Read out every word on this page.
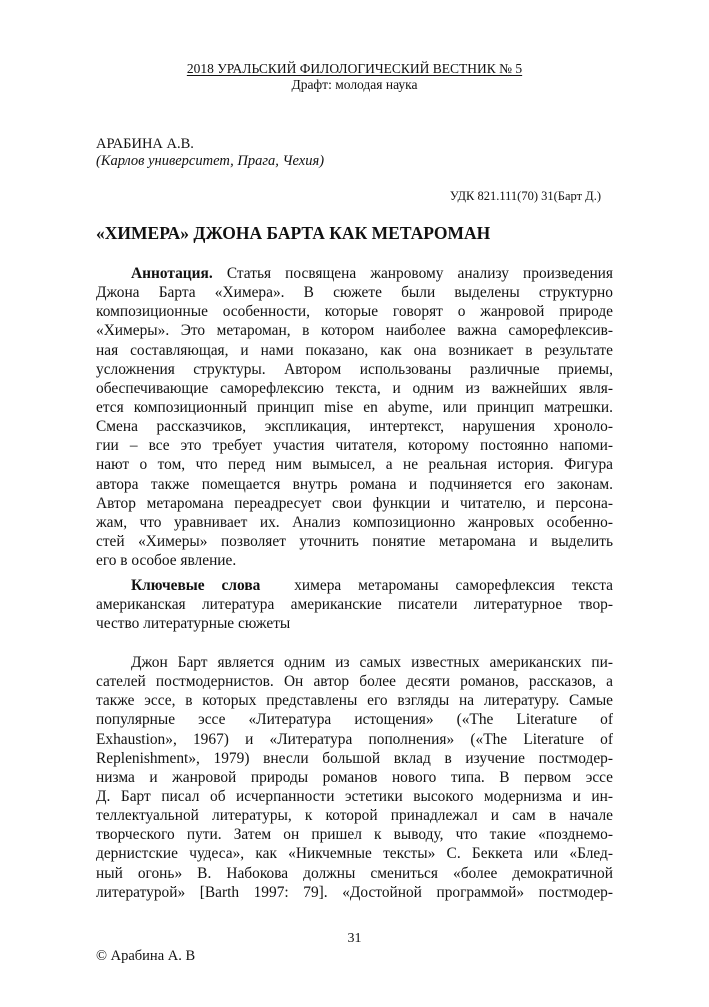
2018 УРАЛЬСКИЙ ФИЛОЛОГИЧЕСКИЙ ВЕСТНИК № 5
Драфт: молодая наука
АРАБИНА А.В.
(Карлов университет, Прага, Чехия)
УДК 821.111(70) 31(Барт Д.)
«ХИМЕРА» ДЖОНА БАРТА КАК МЕТАРОМАН
Аннотация. Статья посвящена жанровому анализу произведения
Джона Барта «Химера». В сюжете были выделены структурно
композиционные особенности, которые говорят о жанровой природе
«Химеры». Это метароман, в котором наиболее важна саморефлексив-
ная составляющая, и нами показано, как она возникает в результате
усложнения структуры. Автором использованы различные приемы,
обеспечивающие саморефлексию текста, и одним из важнейших явля-
ется композиционный принцип mise en abyme, или принцип матрешки.
Смена рассказчиков, экспликация, интертекст, нарушения хроноло-
гии – все это требует участия читателя, которому постоянно напоми-
нают о том, что перед ним вымысел, а не реальная история. Фигура
автора также помещается внутрь романа и подчиняется его законам.
Автор метаромана переадресует свои функции и читателю, и персона-
жам, что уравнивает их. Анализ композиционно жанровых особенно-
стей «Химеры» позволяет уточнить понятие метаромана и выделить
его в особое явление.
Ключевые слова химера метароманы саморефлексия текста
американская литература американские писатели литературное твор-
чество литературные сюжеты
Джон Барт является одним из самых известных американских пи-
сателей постмодернистов. Он автор более десяти романов, рассказов, а
также эссе, в которых представлены его взгляды на литературу. Самые
популярные эссе «Литература истощения» («The Literature of
Exhaustion», 1967) и «Литература пополнения» («The Literature of
Replenishment», 1979) внесли большой вклад в изучение постмодер-
низма и жанровой природы романов нового типа. В первом эссе
Д. Барт писал об исчерпанности эстетики высокого модернизма и ин-
теллектуальной литературы, к которой принадлежал и сам в начале
творческого пути. Затем он пришел к выводу, что такие «позднемо-
дернистские чудеса», как «Никчемные тексты» С. Беккета или «Блед-
ный огонь» В. Набокова должны смениться «более демократичной
литературой» [Barth 1997: 79]. «Достойной программой» постмодер-
31
© Арабина А. В
